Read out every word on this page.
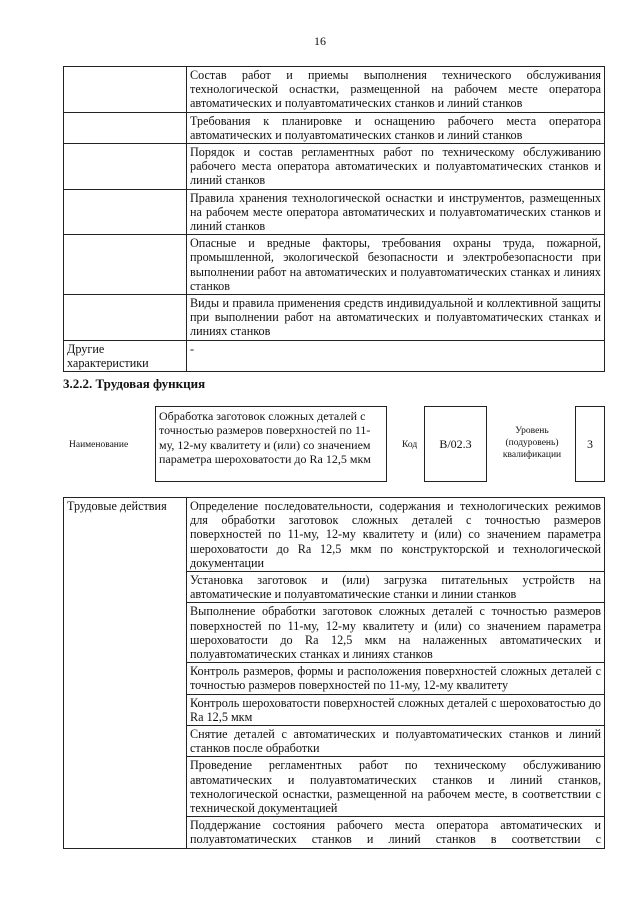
16
	Состав работ и приемы выполнения технического обслуживания технологической оснастки, размещенной на рабочем месте оператора автоматических и полуавтоматических станков и линий станков
	Требования к планировке и оснащению рабочего места оператора автоматических и полуавтоматических станков и линий станков
	Порядок и состав регламентных работ по техническому обслуживанию рабочего места оператора автоматических и полуавтоматических станков и линий станков
	Правила хранения технологической оснастки и инструментов, размещенных на рабочем месте оператора автоматических и полуавтоматических станков и линий станков
	Опасные и вредные факторы, требования охраны труда, пожарной, промышленной, экологической безопасности и электробезопасности при выполнении работ на автоматических и полуавтоматических станках и линиях станков
	Виды и правила применения средств индивидуальной и коллективной защиты при выполнении работ на автоматических и полуавтоматических станках и линиях станков
Другие характеристики	-
3.2.2. Трудовая функция
Наименование
Обработка заготовок сложных деталей с точностью размеров поверхностей по 11-му, 12-му квалитету и (или) со значением параметра шероховатости до Ra 12,5 мкм
Код B/02.3
Уровень (подуровень) квалификации
3
Трудовые действия	Определение последовательности, содержания и технологических режимов для обработки заготовок сложных деталей с точностью размеров поверхностей по 11-му, 12-му квалитету и (или) со значением параметра шероховатости до Ra 12,5 мкм по конструкторской и технологической документации
Установка заготовок и (или) загрузка питательных устройств на автоматические и полуавтоматические станки и линии станков
Выполнение обработки заготовок сложных деталей с точностью размеров поверхностей по 11-му, 12-му квалитету и (или) со значением параметра шероховатости до Ra 12,5 мкм на налаженных автоматических и полуавтоматических станках и линиях станков
Контроль размеров, формы и расположения поверхностей сложных деталей с точностью размеров поверхностей по 11-му, 12-му квалитету
Контроль шероховатости поверхностей сложных деталей с шероховатостью до Ra 12,5 мкм
Снятие деталей с автоматических и полуавтоматических станков и линий станков после обработки
Проведение регламентных работ по техническому обслуживанию автоматических и полуавтоматических станков и линий станков, технологической оснастки, размещенной на рабочем месте, в соответствии с технической документацией
Поддержание состояния рабочего места оператора автоматических и полуавтоматических станков и линий станков в соответствии с
